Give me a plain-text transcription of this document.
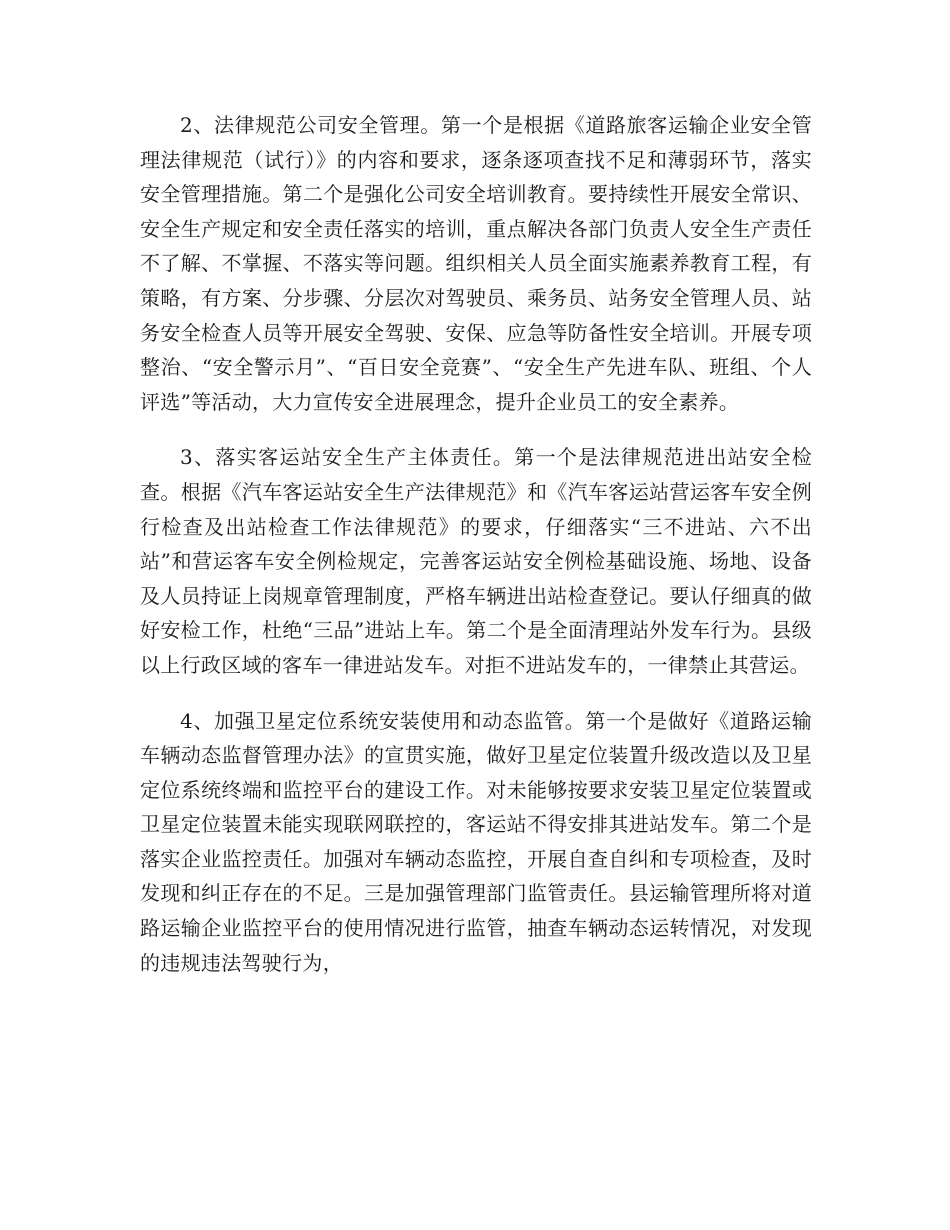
2、法律规范公司安全管理。第一个是根据《道路旅客运输企业安全管理法律规范（试行）》的内容和要求，逐条逐项查找不足和薄弱环节，落实安全管理措施。第二个是强化公司安全培训教育。要持续性开展安全常识、安全生产规定和安全责任落实的培训，重点解决各部门负责人安全生产责任不了解、不掌握、不落实等问题。组织相关人员全面实施素养教育工程，有策略，有方案、分步骤、分层次对驾驶员、乘务员、站务安全管理人员、站务安全检查人员等开展安全驾驶、安保、应急等防备性安全培训。开展专项整治、“安全警示月”、“百日安全竞赛”、“安全生产先进车队、班组、个人评选”等活动，大力宣传安全进展理念，提升企业员工的安全素养。

3、落实客运站安全生产主体责任。第一个是法律规范进出站安全检查。根据《汽车客运站安全生产法律规范》和《汽车客运站营运客车安全例行检查及出站检查工作法律规范》的要求，仔细落实“三不进站、六不出站”和营运客车安全例检规定，完善客运站安全例检基础设施、场地、设备及人员持证上岗规章管理制度，严格车辆进出站检查登记。要认仔细真的做好安检工作，杜绝“三品”进站上车。第二个是全面清理站外发车行为。县级以上行政区域的客车一律进站发车。对拒不进站发车的，一律禁止其营运。

4、加强卫星定位系统安装使用和动态监管。第一个是做好《道路运输车辆动态监督管理办法》的宣贯实施，做好卫星定位装置升级改造以及卫星定位系统终端和监控平台的建设工作。对未能够按要求安装卫星定位装置或卫星定位装置未能实现联网联控的，客运站不得安排其进站发车。第二个是落实企业监控责任。加强对车辆动态监控，开展自查自纠和专项检查，及时发现和纠正存在的不足。三是加强管理部门监管责任。县运输管理所将对道路运输企业监控平台的使用情况进行监管，抽查车辆动态运转情况，对发现的违规违法驾驶行为，
